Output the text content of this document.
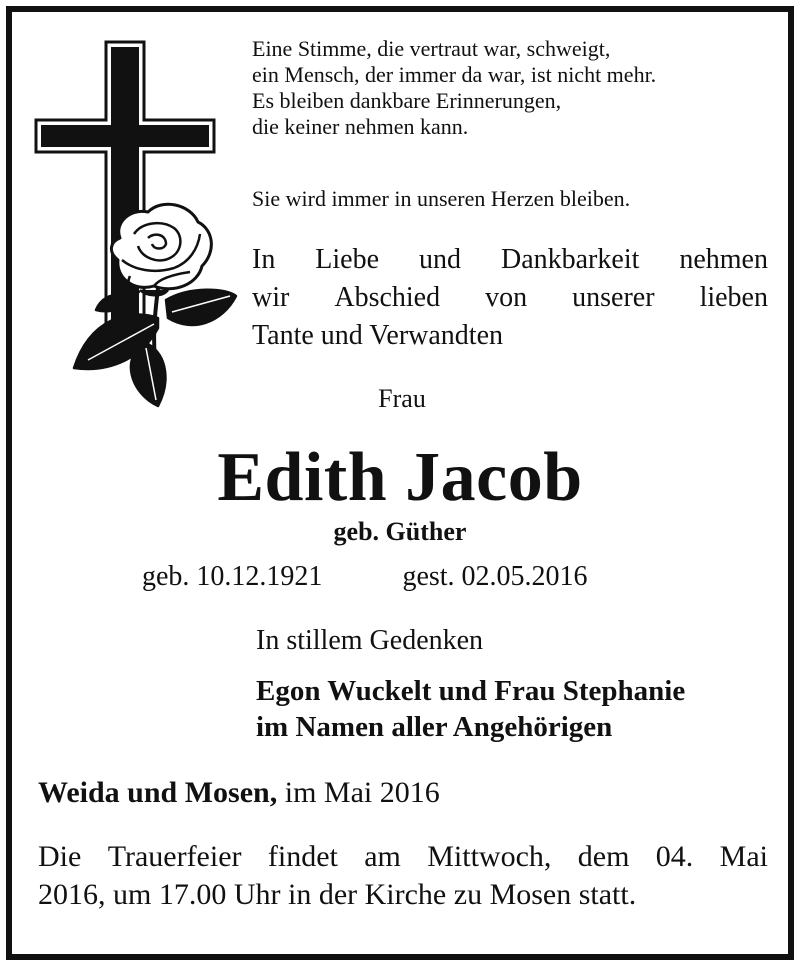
Eine Stimme, die vertraut war, schweigt,
ein Mensch, der immer da war, ist nicht mehr.
Es bleiben dankbare Erinnerungen,
die keiner nehmen kann.
Sie wird immer in unseren Herzen bleiben.
In Liebe und Dankbarkeit nehmen
wir Abschied von unserer lieben
Tante und Verwandten
Frau
Edith Jacob
geb. Güther
geb. 10.12.1921	gest. 02.05.2016
In stillem Gedenken
Egon Wuckelt und Frau Stephanie
im Namen aller Angehörigen
Weida und Mosen, im Mai 2016
Die Trauerfeier findet am Mittwoch, dem 04. Mai
2016, um 17.00 Uhr in der Kirche zu Mosen statt.
